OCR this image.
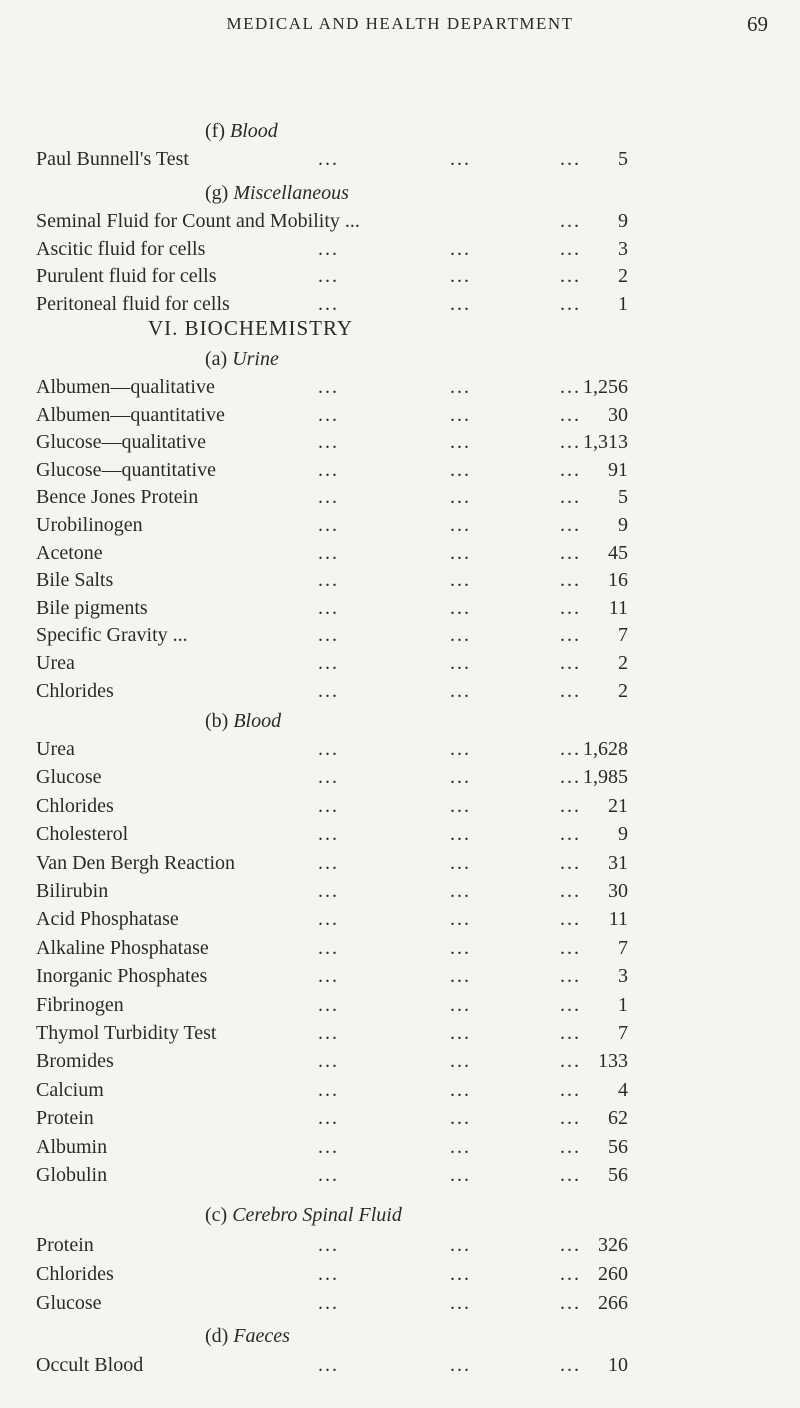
MEDICAL AND HEALTH DEPARTMENT	69
(f) Blood
Paul Bunnell's Test	...	...	... 5
(g) Miscellaneous
Seminal Fluid for Count and Mobility ...	... 9
Ascitic fluid for cells	...	...	... 3
Purulent fluid for cells	...	...	... 2
Peritoneal fluid for cells	...	...	... 1
VI. BIOCHEMISTRY
(a) Urine
Albumen—qualitative	...	...	... 1,256
Albumen—quantitative	...	...	... 30
Glucose—qualitative	...	...	... 1,313
Glucose—quantitative	...	...	... 91
Bence Jones Protein	...	...	... 5
Urobilinogen	...	...	... 9
Acetone	...	...	... 45
Bile Salts	...	...	... 16
Bile pigments	...	...	... 11
Specific Gravity ...	...	...	... 7
Urea	...	...	... 2
Chlorides	...	...	... 2
(b) Blood
Urea	...	...	... 1,628
Glucose	...	...	... 1,985
Chlorides	...	...	... 21
Cholesterol	...	...	... 9
Van Den Bergh Reaction	...	...	... 31
Bilirubin	...	...	... 30
Acid Phosphatase	...	...	... 11
Alkaline Phosphatase	...	...	... 7
Inorganic Phosphates	...	...	... 3
Fibrinogen	...	...	... 1
Thymol Turbidity Test	...	...	... 7
Bromides	...	...	... 133
Calcium	...	...	... 4
Protein	...	...	... 62
Albumin	...	...	... 56
Globulin	...	...	... 56
(c) Cerebro Spinal Fluid
Protein	...	...	... 326
Chlorides	...	...	... 260
Glucose	...	...	... 266
(d) Faeces
Occult Blood	...	...	... 10
